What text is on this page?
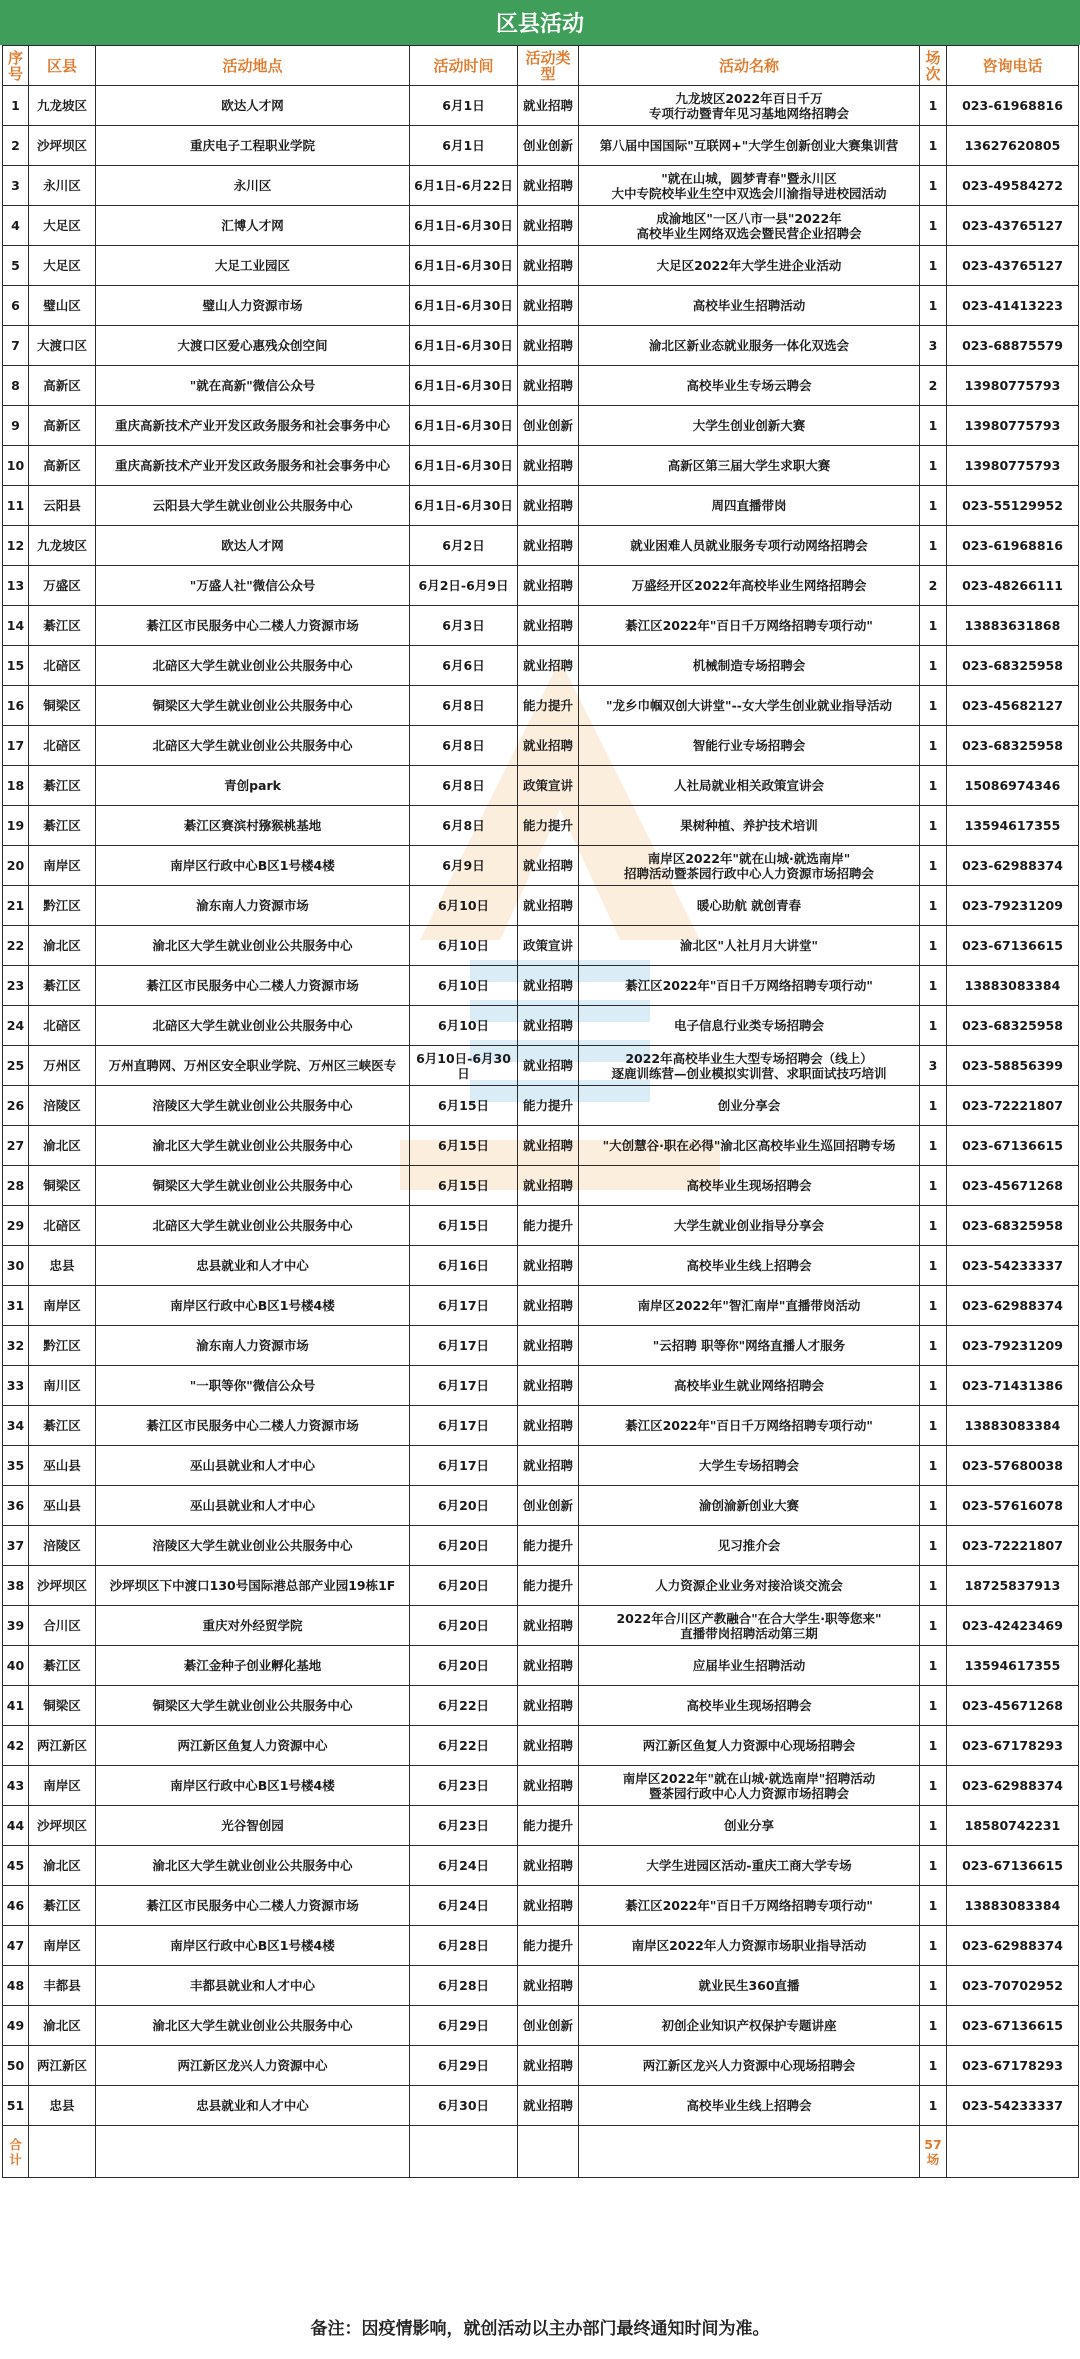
区县活动
序号	区县	活动地点	活动时间	活动类型	活动名称	场次	咨询电话
1	九龙坡区	欧达人才网	6月1日	就业招聘	九龙坡区2022年百日千万
专项行动暨青年见习基地网络招聘会	1	023-61968816
2	沙坪坝区	重庆电子工程职业学院	6月1日	创业创新	第八届中国国际"互联网+"大学生创新创业大赛集训营	1	13627620805
3	永川区	永川区	6月1日-6月22日	就业招聘	"就在山城，圆梦青春"暨永川区
大中专院校毕业生空中双选会川渝指导进校园活动	1	023-49584272
4	大足区	汇博人才网	6月1日-6月30日	就业招聘	成渝地区"一区八市一县"2022年
高校毕业生网络双选会暨民营企业招聘会	1	023-43765127
5	大足区	大足工业园区	6月1日-6月30日	就业招聘	大足区2022年大学生进企业活动	1	023-43765127
6	璧山区	璧山人力资源市场	6月1日-6月30日	就业招聘	高校毕业生招聘活动	1	023-41413223
7	大渡口区	大渡口区爱心惠残众创空间	6月1日-6月30日	就业招聘	渝北区新业态就业服务一体化双选会	3	023-68875579
8	高新区	"就在高新"微信公众号	6月1日-6月30日	就业招聘	高校毕业生专场云聘会	2	13980775793
9	高新区	重庆高新技术产业开发区政务服务和社会事务中心	6月1日-6月30日	创业创新	大学生创业创新大赛	1	13980775793
10	高新区	重庆高新技术产业开发区政务服务和社会事务中心	6月1日-6月30日	就业招聘	高新区第三届大学生求职大赛	1	13980775793
11	云阳县	云阳县大学生就业创业公共服务中心	6月1日-6月30日	就业招聘	周四直播带岗	1	023-55129952
12	九龙坡区	欧达人才网	6月2日	就业招聘	就业困难人员就业服务专项行动网络招聘会	1	023-61968816
13	万盛区	"万盛人社"微信公众号	6月2日-6月9日	就业招聘	万盛经开区2022年高校毕业生网络招聘会	2	023-48266111
14	綦江区	綦江区市民服务中心二楼人力资源市场	6月3日	就业招聘	綦江区2022年"百日千万网络招聘专项行动"	1	13883631868
15	北碚区	北碚区大学生就业创业公共服务中心	6月6日	就业招聘	机械制造专场招聘会	1	023-68325958
16	铜梁区	铜梁区大学生就业创业公共服务中心	6月8日	能力提升	"龙乡巾帼双创大讲堂"--女大学生创业就业指导活动	1	023-45682127
17	北碚区	北碚区大学生就业创业公共服务中心	6月8日	就业招聘	智能行业专场招聘会	1	023-68325958
18	綦江区	青创park	6月8日	政策宣讲	人社局就业相关政策宣讲会	1	15086974346
19	綦江区	綦江区赛滨村猕猴桃基地	6月8日	能力提升	果树种植、养护技术培训	1	13594617355
20	南岸区	南岸区行政中心B区1号楼4楼	6月9日	就业招聘	南岸区2022年"就在山城·就选南岸"
招聘活动暨茶园行政中心人力资源市场招聘会	1	023-62988374
21	黔江区	渝东南人力资源市场	6月10日	就业招聘	暖心助航 就创青春	1	023-79231209
22	渝北区	渝北区大学生就业创业公共服务中心	6月10日	政策宣讲	渝北区"人社月月大讲堂"	1	023-67136615
23	綦江区	綦江区市民服务中心二楼人力资源市场	6月10日	就业招聘	綦江区2022年"百日千万网络招聘专项行动"	1	13883083384
24	北碚区	北碚区大学生就业创业公共服务中心	6月10日	就业招聘	电子信息行业类专场招聘会	1	023-68325958
25	万州区	万州直聘网、万州区安全职业学院、万州区三峡医专	6月10日-6月30日	就业招聘	2022年高校毕业生大型专场招聘会（线上）
逐鹿训练营—创业模拟实训营、求职面试技巧培训	3	023-58856399
26	涪陵区	涪陵区大学生就业创业公共服务中心	6月15日	能力提升	创业分享会	1	023-72221807
27	渝北区	渝北区大学生就业创业公共服务中心	6月15日	就业招聘	"大创慧谷·职在必得"渝北区高校毕业生巡回招聘专场	1	023-67136615
28	铜梁区	铜梁区大学生就业创业公共服务中心	6月15日	就业招聘	高校毕业生现场招聘会	1	023-45671268
29	北碚区	北碚区大学生就业创业公共服务中心	6月15日	能力提升	大学生就业创业指导分享会	1	023-68325958
30	忠县	忠县就业和人才中心	6月16日	就业招聘	高校毕业生线上招聘会	1	023-54233337
31	南岸区	南岸区行政中心B区1号楼4楼	6月17日	就业招聘	南岸区2022年"智汇南岸"直播带岗活动	1	023-62988374
32	黔江区	渝东南人力资源市场	6月17日	就业招聘	"云招聘 职等你"网络直播人才服务	1	023-79231209
33	南川区	"一职等你"微信公众号	6月17日	就业招聘	高校毕业生就业网络招聘会	1	023-71431386
34	綦江区	綦江区市民服务中心二楼人力资源市场	6月17日	就业招聘	綦江区2022年"百日千万网络招聘专项行动"	1	13883083384
35	巫山县	巫山县就业和人才中心	6月17日	就业招聘	大学生专场招聘会	1	023-57680038
36	巫山县	巫山县就业和人才中心	6月20日	创业创新	渝创渝新创业大赛	1	023-57616078
37	涪陵区	涪陵区大学生就业创业公共服务中心	6月20日	能力提升	见习推介会	1	023-72221807
38	沙坪坝区	沙坪坝区下中渡口130号国际港总部产业园19栋1F	6月20日	能力提升	人力资源企业业务对接洽谈交流会	1	18725837913
39	合川区	重庆对外经贸学院	6月20日	就业招聘	2022年合川区产教融合"在合大学生·职等您来"
直播带岗招聘活动第三期	1	023-42423469
40	綦江区	綦江金种子创业孵化基地	6月20日	就业招聘	应届毕业生招聘活动	1	13594617355
41	铜梁区	铜梁区大学生就业创业公共服务中心	6月22日	就业招聘	高校毕业生现场招聘会	1	023-45671268
42	两江新区	两江新区鱼复人力资源中心	6月22日	就业招聘	两江新区鱼复人力资源中心现场招聘会	1	023-67178293
43	南岸区	南岸区行政中心B区1号楼4楼	6月23日	就业招聘	南岸区2022年"就在山城·就选南岸"招聘活动
暨茶园行政中心人力资源市场招聘会	1	023-62988374
44	沙坪坝区	光谷智创园	6月23日	能力提升	创业分享	1	18580742231
45	渝北区	渝北区大学生就业创业公共服务中心	6月24日	就业招聘	大学生进园区活动-重庆工商大学专场	1	023-67136615
46	綦江区	綦江区市民服务中心二楼人力资源市场	6月24日	就业招聘	綦江区2022年"百日千万网络招聘专项行动"	1	13883083384
47	南岸区	南岸区行政中心B区1号楼4楼	6月28日	能力提升	南岸区2022年人力资源市场职业指导活动	1	023-62988374
48	丰都县	丰都县就业和人才中心	6月28日	就业招聘	就业民生360直播	1	023-70702952
49	渝北区	渝北区大学生就业创业公共服务中心	6月29日	创业创新	初创企业知识产权保护专题讲座	1	023-67136615
50	两江新区	两江新区龙兴人力资源中心	6月29日	就业招聘	两江新区龙兴人力资源中心现场招聘会	1	023-67178293
51	忠县	忠县就业和人才中心	6月30日	就业招聘	高校毕业生线上招聘会	1	023-54233337
合计						57场	
备注：因疫情影响，就创活动以主办部门最终通知时间为准。
